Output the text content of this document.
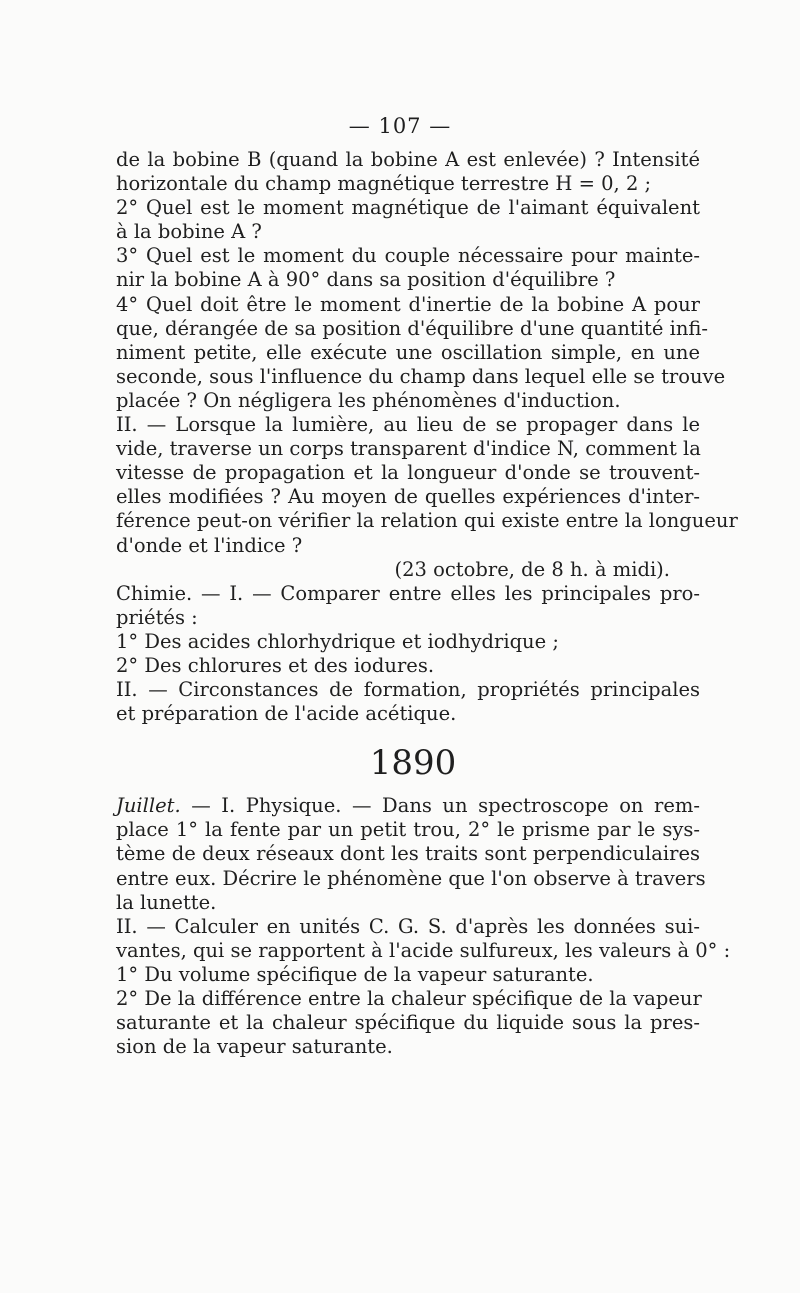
— 107 —
de la bobine B (quand la bobine A est enlevée) ? Intensité
horizontale du champ magnétique terrestre H = 0, 2 ;
2° Quel est le moment magnétique de l'aimant équivalent
à la bobine A ?
3° Quel est le moment du couple nécessaire pour mainte-
nir la bobine A à 90° dans sa position d'équilibre ?
4° Quel doit être le moment d'inertie de la bobine A pour
que, dérangée de sa position d'équilibre d'une quantité infi-
niment petite, elle exécute une oscillation simple, en une
seconde, sous l'influence du champ dans lequel elle se trouve
placée ? On négligera les phénomènes d'induction.
II. — Lorsque la lumière, au lieu de se propager dans le
vide, traverse un corps transparent d'indice N, comment la
vitesse de propagation et la longueur d'onde se trouvent-
elles modifiées ? Au moyen de quelles expériences d'inter-
férence peut-on vérifier la relation qui existe entre la longueur
d'onde et l'indice ?
(23 octobre, de 8 h. à midi).
Chimie. — I. — Comparer entre elles les principales pro-
priétés :
1° Des acides chlorhydrique et iodhydrique ;
2° Des chlorures et des iodures.
II. — Circonstances de formation, propriétés principales
et préparation de l'acide acétique.
1890
Juillet. — I. Physique. — Dans un spectroscope on rem-
place 1° la fente par un petit trou, 2° le prisme par le sys-
tème de deux réseaux dont les traits sont perpendiculaires
entre eux. Décrire le phénomène que l'on observe à travers
la lunette.
II. — Calculer en unités C. G. S. d'après les données sui-
vantes, qui se rapportent à l'acide sulfureux, les valeurs à 0° :
1° Du volume spécifique de la vapeur saturante.
2° De la différence entre la chaleur spécifique de la vapeur
saturante et la chaleur spécifique du liquide sous la pres-
sion de la vapeur saturante.
